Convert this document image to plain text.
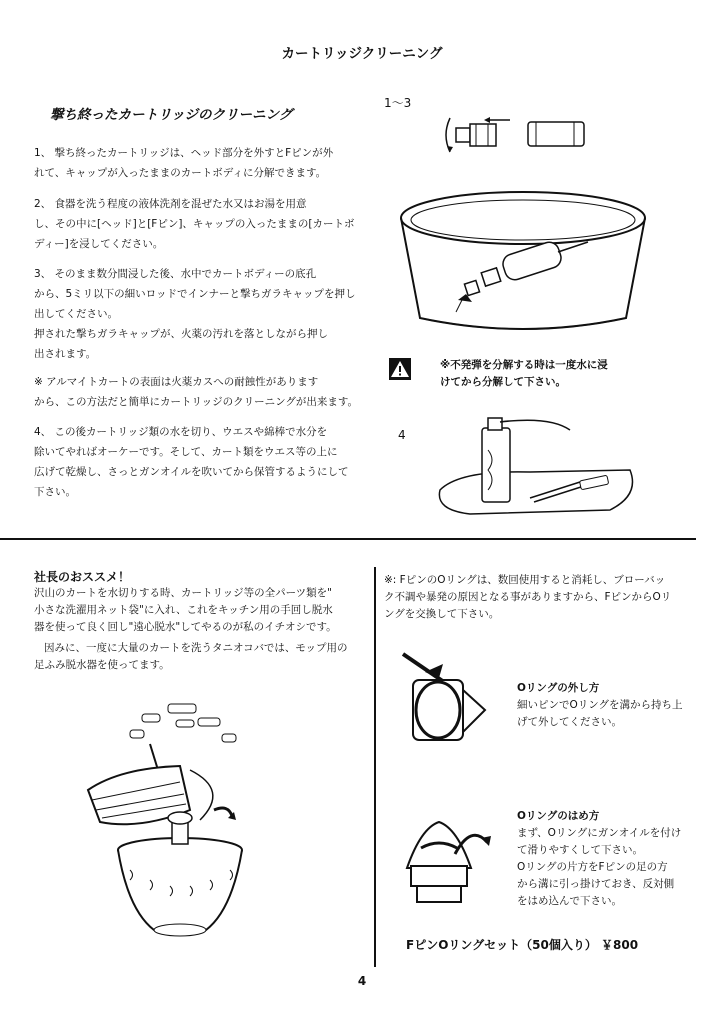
カートリッジクリーニング
撃ち終ったカートリッジのクリーニング
1、 撃ち終ったカートリッジは、ヘッド部分を外すとFピンが外
れて、キャップが入ったままのカートボディに分解できます。
2、 食器を洗う程度の液体洗剤を混ぜた水又はお湯を用意
し、その中に[ヘッド]と[Fピン]、キャップの入ったままの[カートボ
ディー]を浸してください。
3、 そのまま数分間浸した後、水中でカートボディーの底孔
から、5ミリ以下の細いロッドでインナーと撃ちガラキャップを押し
出してください。
押された撃ちガラキャップが、火薬の汚れを落としながら押し
出されます。
※ アルマイトカートの表面は火薬カスへの耐蝕性があります
から、この方法だと簡単にカートリッジのクリーニングが出来ます。
4、 この後カートリッジ類の水を切り、ウエスや綿棒で水分を
除いてやればオーケーです。そして、カート類をウエス等の上に
広げて乾燥し、さっとガンオイルを吹いてから保管するようにして
下さい。
1〜3
4
※不発弾を分解する時は一度水に浸
けてから分解して下さい。
社長のおススメ！
沢山のカートを水切りする時、カートリッジ等の全パーツ類を"
小さな洗濯用ネット袋"に入れ、これをキッチン用の手回し脱水
器を使って良く回し"遠心脱水"してやるのが私のイチオシです。
因みに、一度に大量のカートを洗うタニオコバでは、モップ用の
足ふみ脱水器を使ってます。
※: FピンのOリングは、数回使用すると消耗し、ブローバッ
ク不調や暴発の原因となる事がありますから、FピンからOリ
ングを交換して下さい。
Oリングの外し方
細いピンでOリングを溝から持ち上
げて外してください。
Oリングのはめ方
まず、Oリングにガンオイルを付け
て滑りやすくして下さい。
Oリングの片方をFピンの足の方
から溝に引っ掛けておき、反対側
をはめ込んで下さい。
FピンOリングセット（50個入り） ￥800
4
